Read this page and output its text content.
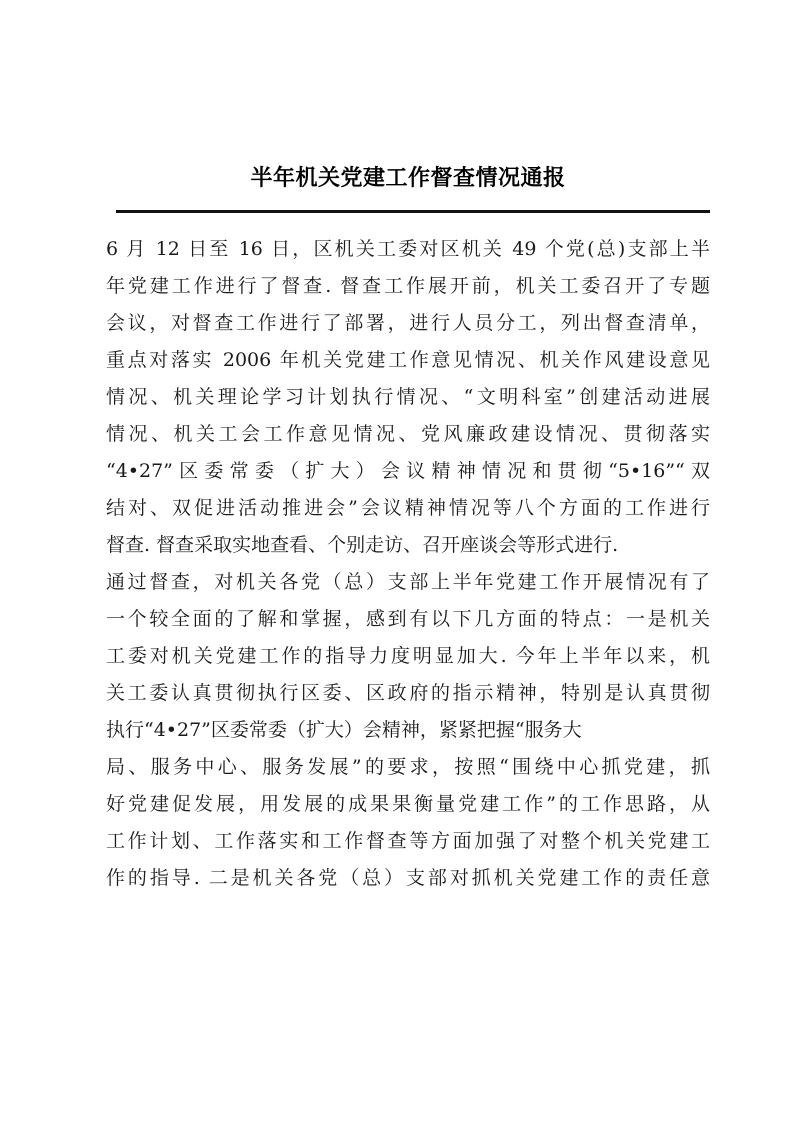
半年机关党建工作督查情况通报
6 月 12 日至 16 日，区机关工委对区机关 49 个党(总)支部上半
年党建工作进行了督查. 督查工作展开前，机关工委召开了专题
会议，对督查工作进行了部署，进行人员分工，列出督查清单，
重点对落实 2006 年机关党建工作意见情况、机关作风建设意见
情况、机关理论学习计划执行情况、“文明科室”创建活动进展
情况、机关工会工作意见情况、党风廉政建设情况、贯彻落实
“4•27”区委常委（扩大）会议精神情况和贯彻“5•16”“双
结对、双促进活动推进会”会议精神情况等八个方面的工作进行
督查. 督查采取实地查看、个别走访、召开座谈会等形式进行.
通过督查，对机关各党（总）支部上半年党建工作开展情况有了
一个较全面的了解和掌握，感到有以下几方面的特点：一是机关
工委对机关党建工作的指导力度明显加大. 今年上半年以来，机
关工委认真贯彻执行区委、区政府的指示精神，特别是认真贯彻
执行“4•27”区委常委（扩大）会精神，紧紧把握“服务大
局、服务中心、服务发展”的要求，按照“围绕中心抓党建，抓
好党建促发展，用发展的成果果衡量党建工作”的工作思路，从
工作计划、工作落实和工作督查等方面加强了对整个机关党建工
作的指导. 二是机关各党（总）支部对抓机关党建工作的责任意
